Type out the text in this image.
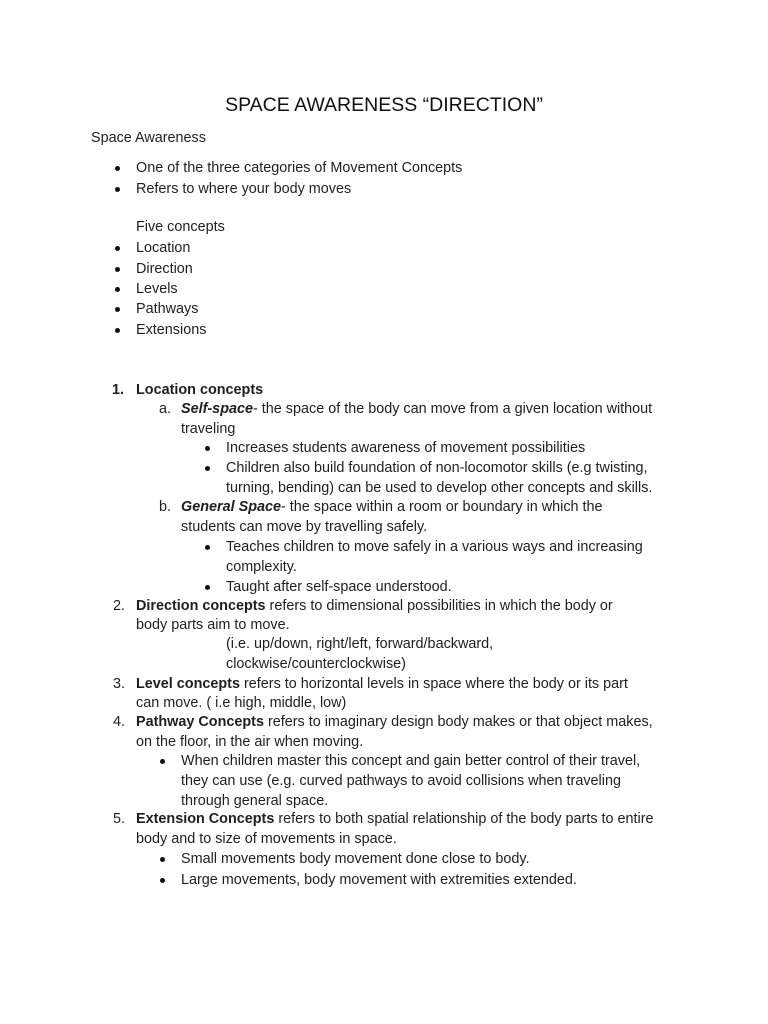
SPACE AWARENESS “DIRECTION”
Space Awareness
One of the three categories of Movement Concepts
Refers to where your body moves
Five concepts
Location
Direction
Levels
Pathways
Extensions
1. Location concepts
a. Self-space- the space of the body can move from a given location without
traveling
Increases students awareness of movement possibilities
Children also build foundation of non-locomotor skills (e.g twisting,
turning, bending) can be used to develop other concepts and skills.
b. General Space- the space within a room or boundary in which the
students can move by travelling safely.
Teaches children to move safely in a various ways and increasing
complexity.
Taught after self-space understood.
2. Direction concepts refers to dimensional possibilities in which the body or
body parts aim to move.
(i.e. up/down, right/left, forward/backward,
clockwise/counterclockwise)
3. Level concepts refers to horizontal levels in space where the body or its part
can move. ( i.e high, middle, low)
4. Pathway Concepts refers to imaginary design body makes or that object makes,
on the floor, in the air when moving.
When children master this concept and gain better control of their travel,
they can use (e.g. curved pathways to avoid collisions when traveling
through general space.
5. Extension Concepts refers to both spatial relationship of the body parts to entire
body and to size of movements in space.
Small movements body movement done close to body.
Large movements, body movement with extremities extended.
